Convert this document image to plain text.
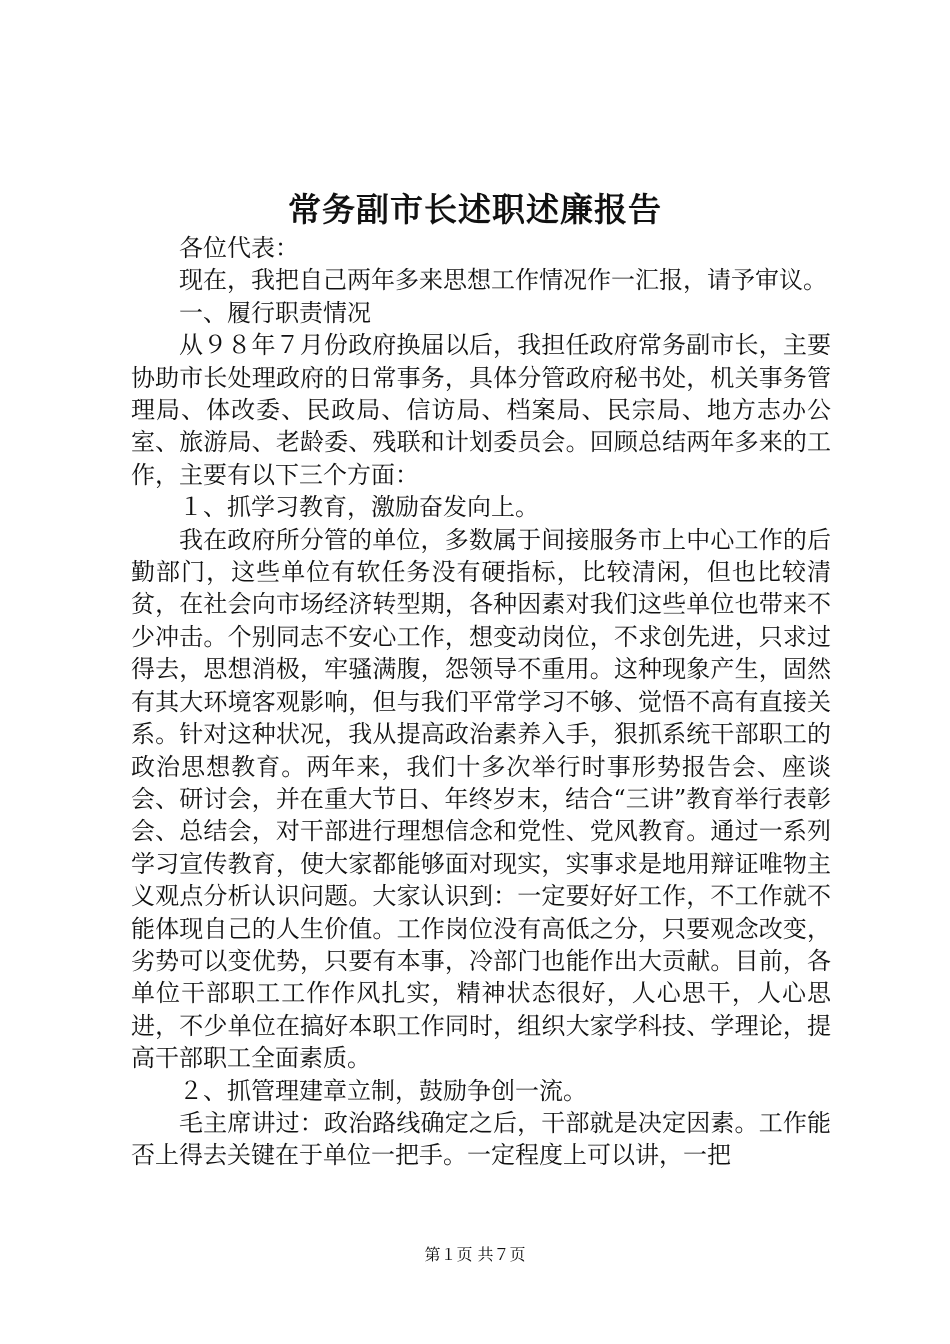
常务副市长述职述廉报告

各位代表：

现在，我把自己两年多来思想工作情况作一汇报，请予审议。

一、履行职责情况

从９８年７月份政府换届以后，我担任政府常务副市长，主要协助市长处理政府的日常事务，具体分管政府秘书处，机关事务管理局、体改委、民政局、信访局、档案局、民宗局、地方志办公室、旅游局、老龄委、残联和计划委员会。回顾总结两年多来的工作，主要有以下三个方面：

１、抓学习教育，激励奋发向上。

我在政府所分管的单位，多数属于间接服务市上中心工作的后勤部门，这些单位有软任务没有硬指标，比较清闲，但也比较清贫，在社会向市场经济转型期，各种因素对我们这些单位也带来不少冲击。个别同志不安心工作，想变动岗位，不求创先进，只求过得去，思想消极，牢骚满腹，怨领导不重用。这种现象产生，固然有其大环境客观影响，但与我们平常学习不够、觉悟不高有直接关系。针对这种状况，我从提高政治素养入手，狠抓系统干部职工的政治思想教育。两年来，我们十多次举行时事形势报告会、座谈会、研讨会，并在重大节日、年终岁末，结合“三讲”教育举行表彰会、总结会，对干部进行理想信念和党性、党风教育。通过一系列学习宣传教育，使大家都能够面对现实，实事求是地用辩证唯物主义观点分析认识问题。大家认识到：一定要好好工作，不工作就不能体现自己的人生价值。工作岗位没有高低之分，只要观念改变，劣势可以变优势，只要有本事，冷部门也能作出大贡献。目前，各单位干部职工工作作风扎实，精神状态很好，人心思干，人心思进，不少单位在搞好本职工作同时，组织大家学科技、学理论，提高干部职工全面素质。

２、抓管理建章立制，鼓励争创一流。

毛主席讲过：政治路线确定之后，干部就是决定因素。工作能否上得去关键在于单位一把手。一定程度上可以讲，一把

第１页 共７页
